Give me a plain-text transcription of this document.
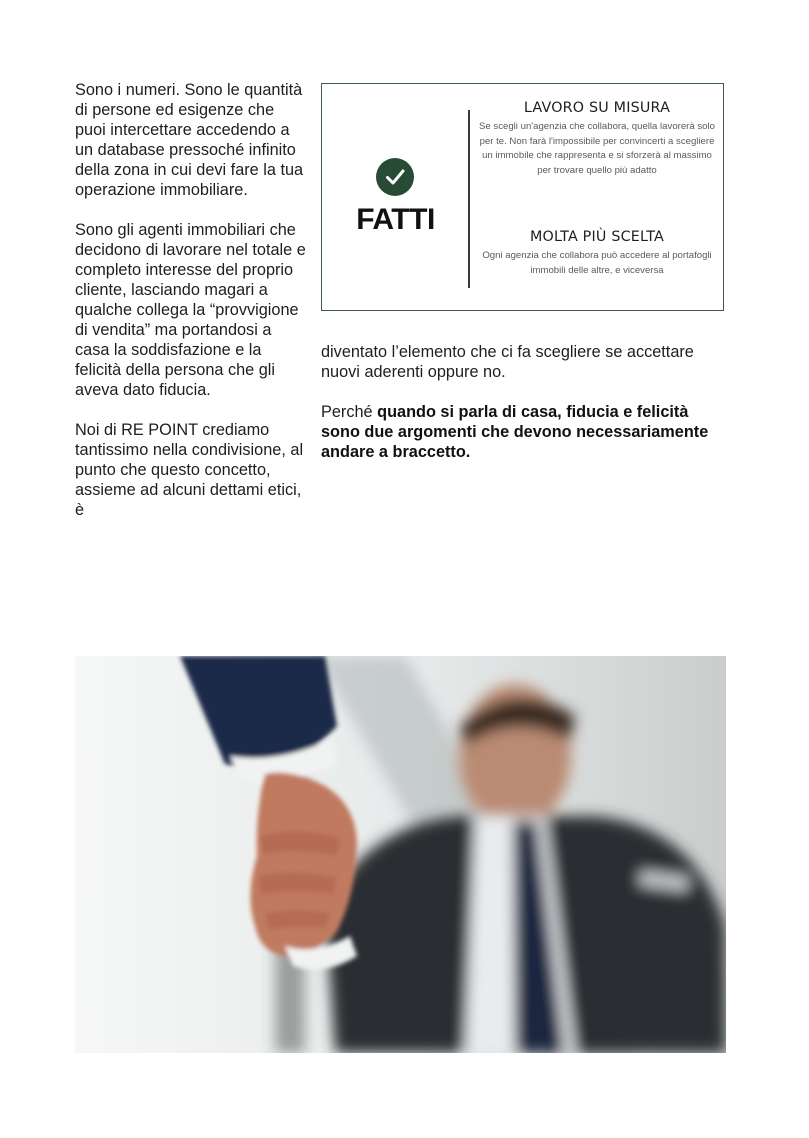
Sono i numeri. Sono le quantità di persone ed esigenze che puoi intercettare accedendo a un database pressoché infinito della zona in cui devi fare la tua operazione immobiliare.

Sono gli agenti immobiliari che decidono di lavorare nel totale e completo interesse del proprio cliente, lasciando magari a qualche collega la “provvigione di vendita” ma portandosi a casa la soddisfazione e la felicità della persona che gli aveva dato fiducia.

Noi di RE POINT crediamo tantissimo nella condivisione, al punto che questo concetto, assieme ad alcuni dettami etici, è

FATTI
LAVORO SU MISURA

Se scegli un'agenzia che collabora, quella lavorerà solo per te. Non farà l'impossibile per convincerti a scegliere un immobile che rappresenta e si sforzerà al massimo per trovare quello più adatto

MOLTA PIÙ SCELTA

Ogni agenzia che collabora può accedere al portafogli immobili delle altre, e viceversa

diventato l’elemento che ci fa scegliere se accettare nuovi aderenti oppure no.

Perché quando si parla di casa, fiducia e felicità sono due argomenti che devono necessariamente andare a braccetto.
